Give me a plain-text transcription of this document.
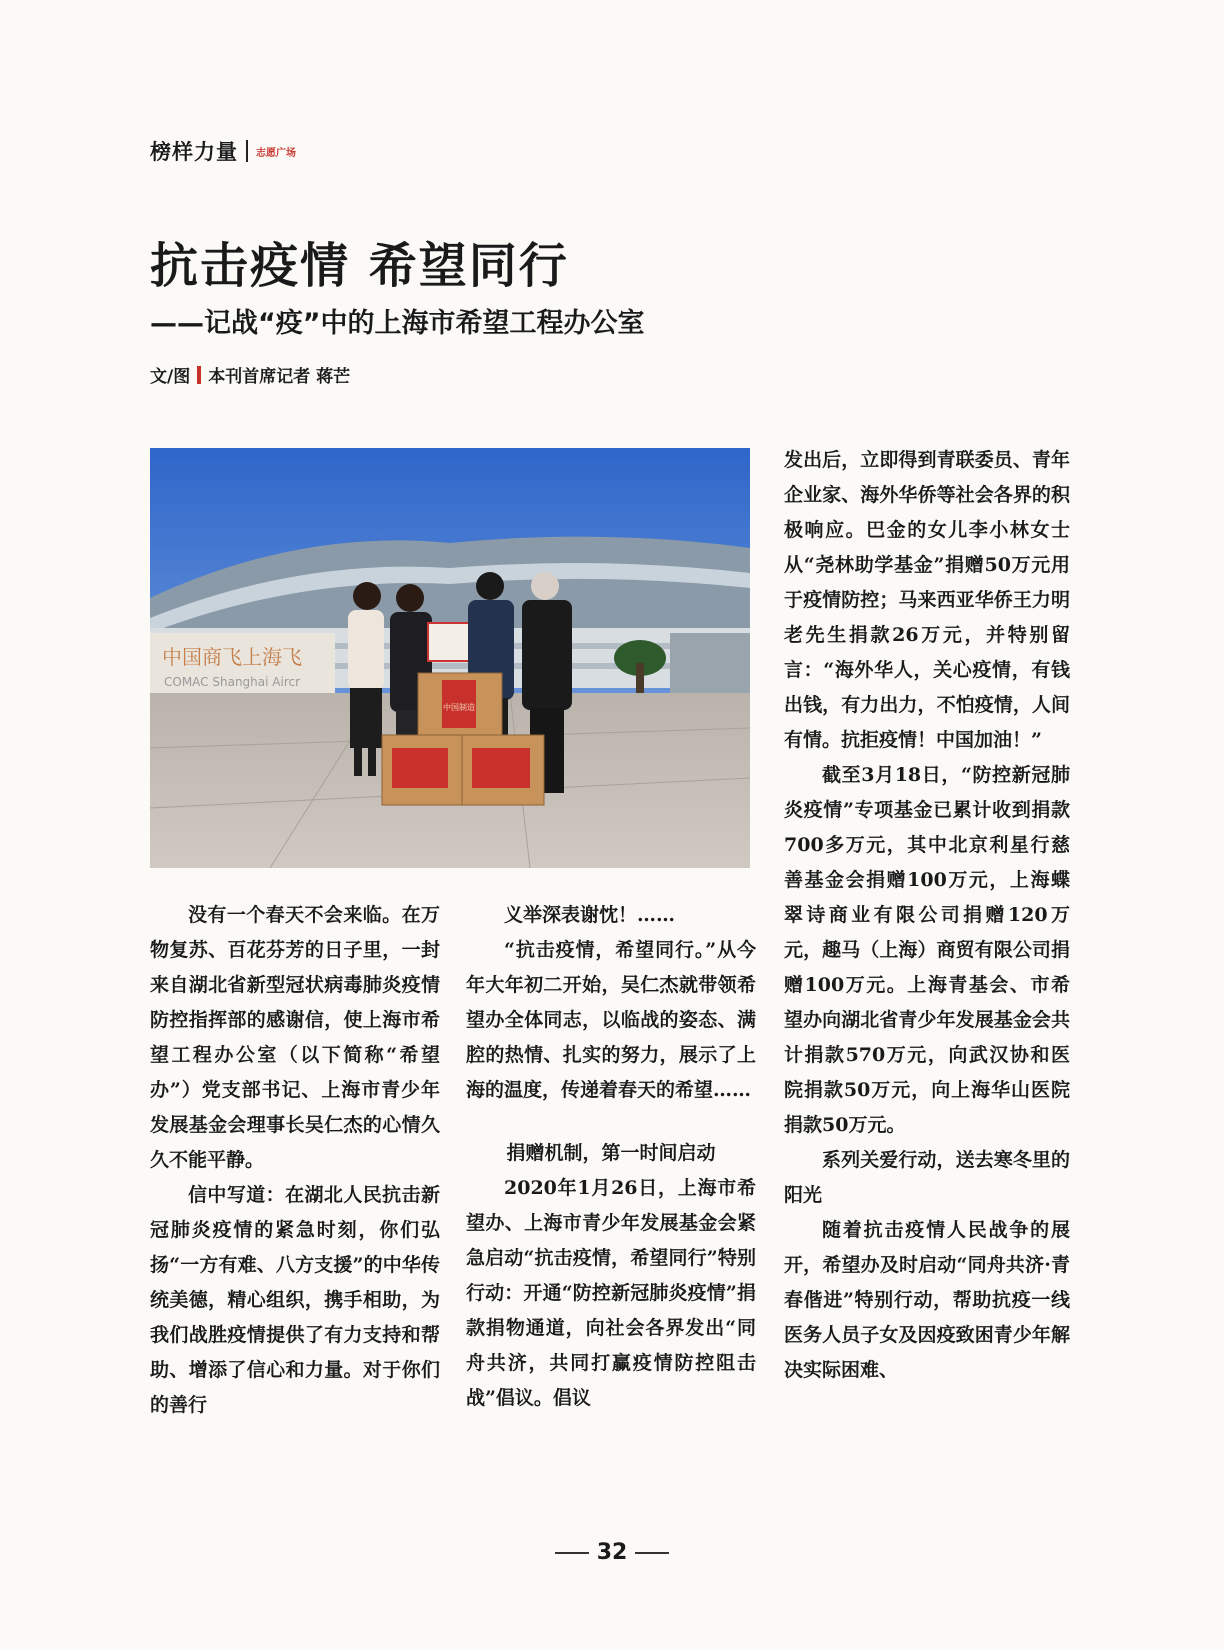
榜样力量 志愿广场
抗击疫情 希望同行
——记战“疫”中的上海市希望工程办公室
文/图 本刊首席记者 蒋芒
中国商飞上海飞
COMAC Shanghai Aircr
中国制造

没有一个春天不会来临。在万物复苏、百花芬芳的日子里，一封来自湖北省新型冠状病毒肺炎疫情防控指挥部的感谢信，使上海市希望工程办公室（以下简称“希望办”）党支部书记、上海市青少年发展基金会理事长吴仁杰的心情久久不能平静。

信中写道：在湖北人民抗击新冠肺炎疫情的紧急时刻，你们弘扬“一方有难、八方支援”的中华传统美德，精心组织，携手相助，为我们战胜疫情提供了有力支持和帮助、增添了信心和力量。对于你们的善行

义举深表谢忱！……

“抗击疫情，希望同行。”从今年大年初二开始，吴仁杰就带领希望办全体同志，以临战的姿态、满腔的热情、扎实的努力，展示了上海的温度，传递着春天的希望……

捐赠机制，第一时间启动

2020年1月26日，上海市希望办、上海市青少年发展基金会紧急启动“抗击疫情，希望同行”特别行动：开通“防控新冠肺炎疫情”捐款捐物通道，向社会各界发出“同舟共济，共同打赢疫情防控阻击战”倡议。倡议

发出后，立即得到青联委员、青年企业家、海外华侨等社会各界的积极响应。巴金的女儿李小林女士从“尧林助学基金”捐赠50万元用于疫情防控；马来西亚华侨王力明老先生捐款26万元，并特别留言：“海外华人，关心疫情，有钱出钱，有力出力，不怕疫情，人间有情。抗拒疫情！中国加油！”

截至3月18日，“防控新冠肺炎疫情”专项基金已累计收到捐款700多万元，其中北京利星行慈善基金会捐赠100万元，上海蝶翠诗商业有限公司捐赠120万元，趣马（上海）商贸有限公司捐赠100万元。上海青基会、市希望办向湖北省青少年发展基金会共计捐款570万元，向武汉协和医院捐款50万元，向上海华山医院捐款50万元。

系列关爱行动，送去寒冬里的阳光

随着抗击疫情人民战争的展开，希望办及时启动“同舟共济·青春偕进”特别行动，帮助抗疫一线医务人员子女及因疫致困青少年解决实际困难、

32
